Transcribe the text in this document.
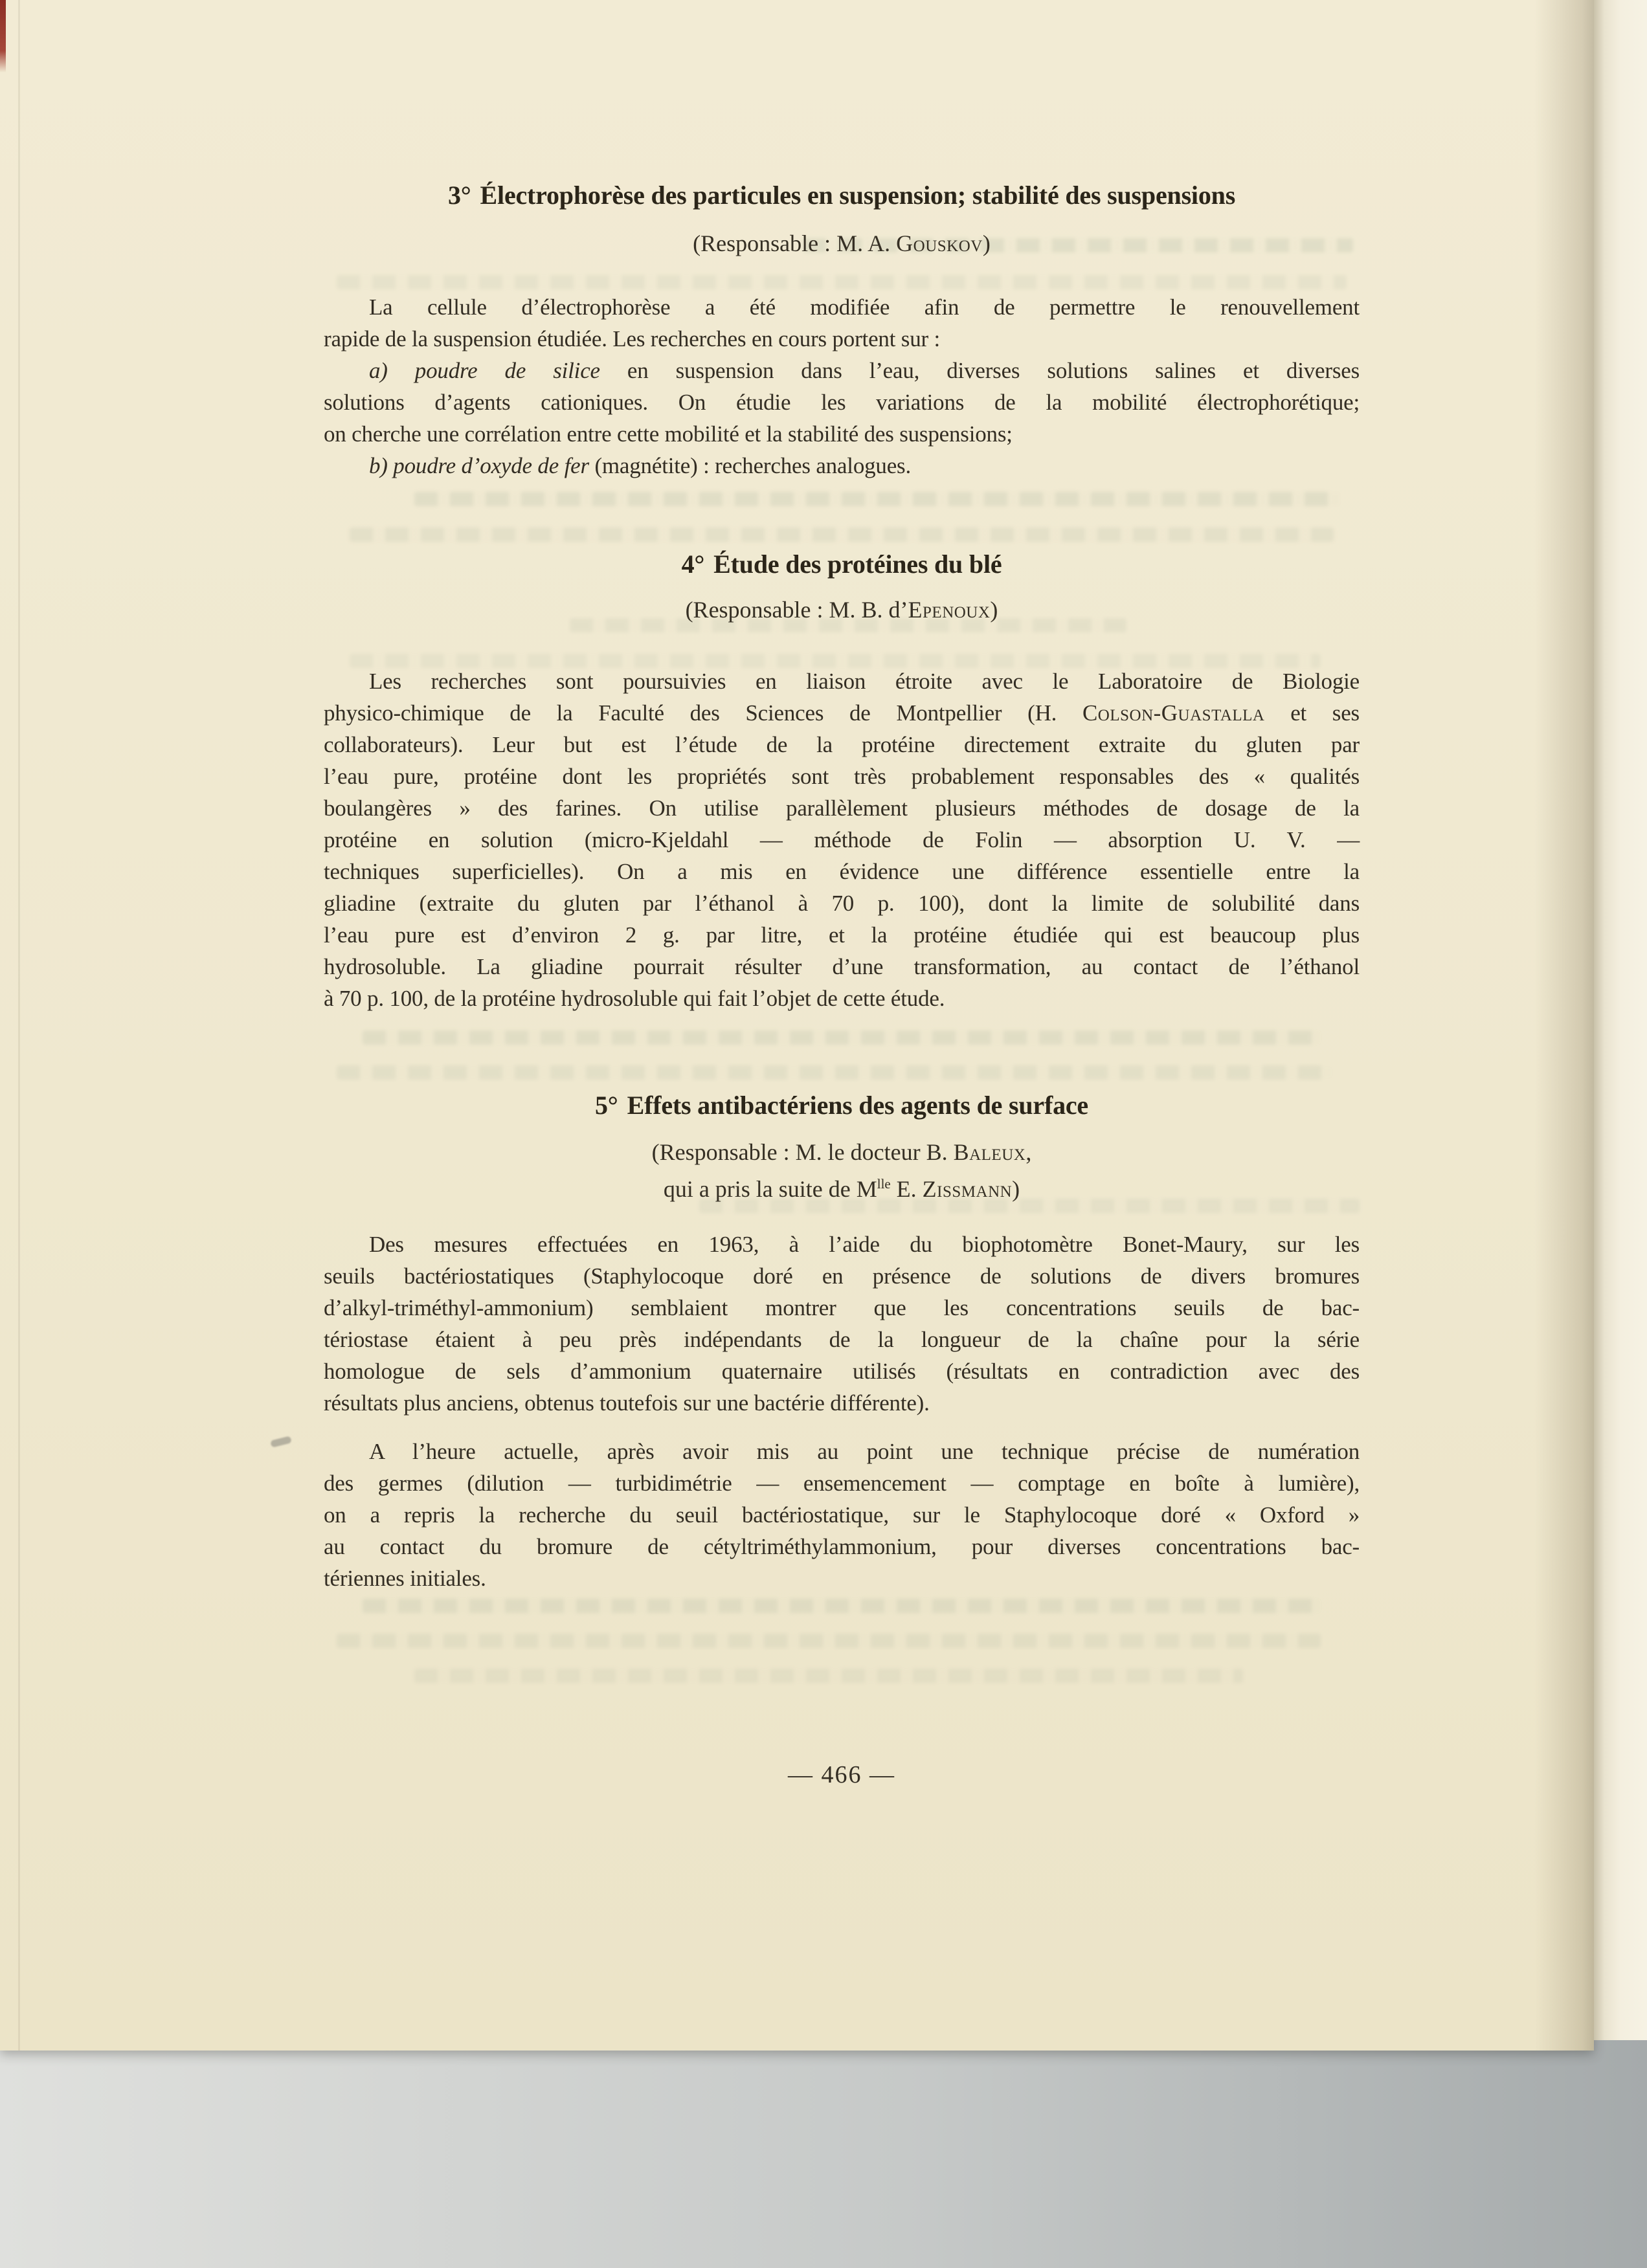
3° Électrophorèse des particules en suspension; stabilité des suspensions
(Responsable : M. A. Gouskov)
La cellule d’électrophorèse a été modifiée afin de permettre le renouvellement
rapide de la suspension étudiée. Les recherches en cours portent sur :
a) poudre de silice en suspension dans l’eau, diverses solutions salines et diverses
solutions d’agents cationiques. On étudie les variations de la mobilité électrophorétique;
on cherche une corrélation entre cette mobilité et la stabilité des suspensions;
b) poudre d’oxyde de fer (magnétite) : recherches analogues.
4° Étude des protéines du blé
(Responsable : M. B. d’Epenoux)
Les recherches sont poursuivies en liaison étroite avec le Laboratoire de Biologie
physico-chimique de la Faculté des Sciences de Montpellier (H. Colson-Guastalla et ses
collaborateurs). Leur but est l’étude de la protéine directement extraite du gluten par
l’eau pure, protéine dont les propriétés sont très probablement responsables des « qualités
boulangères » des farines. On utilise parallèlement plusieurs méthodes de dosage de la
protéine en solution (micro-Kjeldahl — méthode de Folin — absorption U. V. —
techniques superficielles). On a mis en évidence une différence essentielle entre la
gliadine (extraite du gluten par l’éthanol à 70 p. 100), dont la limite de solubilité dans
l’eau pure est d’environ 2 g. par litre, et la protéine étudiée qui est beaucoup plus
hydrosoluble. La gliadine pourrait résulter d’une transformation, au contact de l’éthanol
à 70 p. 100, de la protéine hydrosoluble qui fait l’objet de cette étude.
5° Effets antibactériens des agents de surface
(Responsable : M. le docteur B. Baleux,
qui a pris la suite de $M^{lle}$ E. Zissmann)
Des mesures effectuées en 1963, à l’aide du biophotomètre Bonet-Maury, sur les
seuils bactériostatiques (Staphylocoque doré en présence de solutions de divers bromures
d’alkyl-triméthyl-ammonium) semblaient montrer que les concentrations seuils de bac-
tériostase étaient à peu près indépendants de la longueur de la chaîne pour la série
homologue de sels d’ammonium quaternaire utilisés (résultats en contradiction avec des
résultats plus anciens, obtenus toutefois sur une bactérie différente).
A l’heure actuelle, après avoir mis au point une technique précise de numération
des germes (dilution — turbidimétrie — ensemencement — comptage en boîte à lumière),
on a repris la recherche du seuil bactériostatique, sur le Staphylocoque doré « Oxford »
au contact du bromure de cétyltriméthylammonium, pour diverses concentrations bac-
tériennes initiales.
— 466 —
